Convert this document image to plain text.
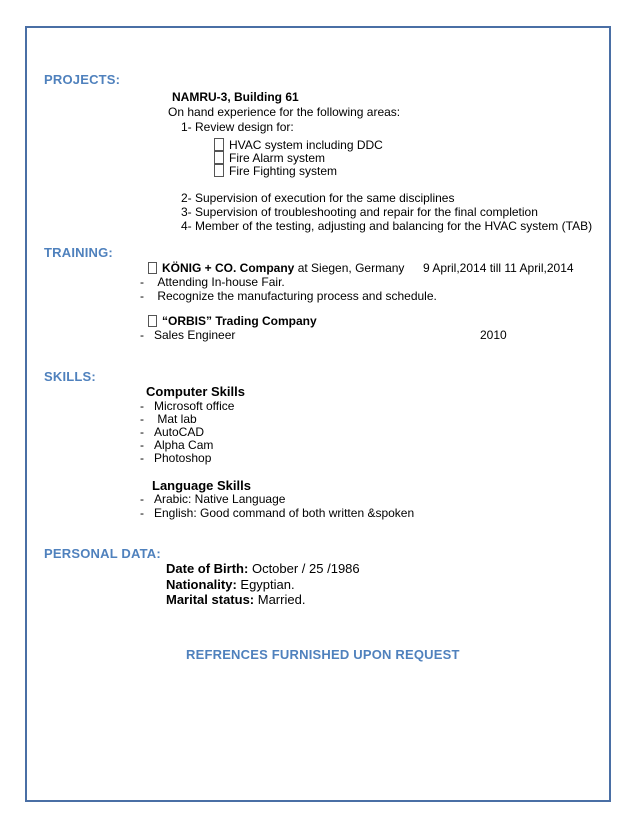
PROJECTS:
NAMRU-3, Building 61
On hand experience for the following areas:
1- Review design for:
HVAC system including DDC
Fire Alarm system
Fire Fighting system
2- Supervision of execution for the same disciplines
3- Supervision of troubleshooting and repair for the final completion
4- Member of the testing, adjusting and balancing for the HVAC system (TAB)
TRAINING:
KÖNIG + CO. Company at Siegen, Germany 9 April,2014 till 11 April,2014
-    Attending In-house Fair.
-    Recognize the manufacturing process and schedule.
“ORBIS” Trading Company
-   Sales Engineer	2010
SKILLS:
Computer Skills
-   Microsoft office
-    Mat lab
-   AutoCAD
-   Alpha Cam
-   Photoshop
Language Skills
-   Arabic: Native Language
-   English: Good command of both written &spoken
PERSONAL DATA:
Date of Birth: October / 25 /1986
Nationality: Egyptian.
Marital status: Married.
REFRENCES FURNISHED UPON REQUEST
